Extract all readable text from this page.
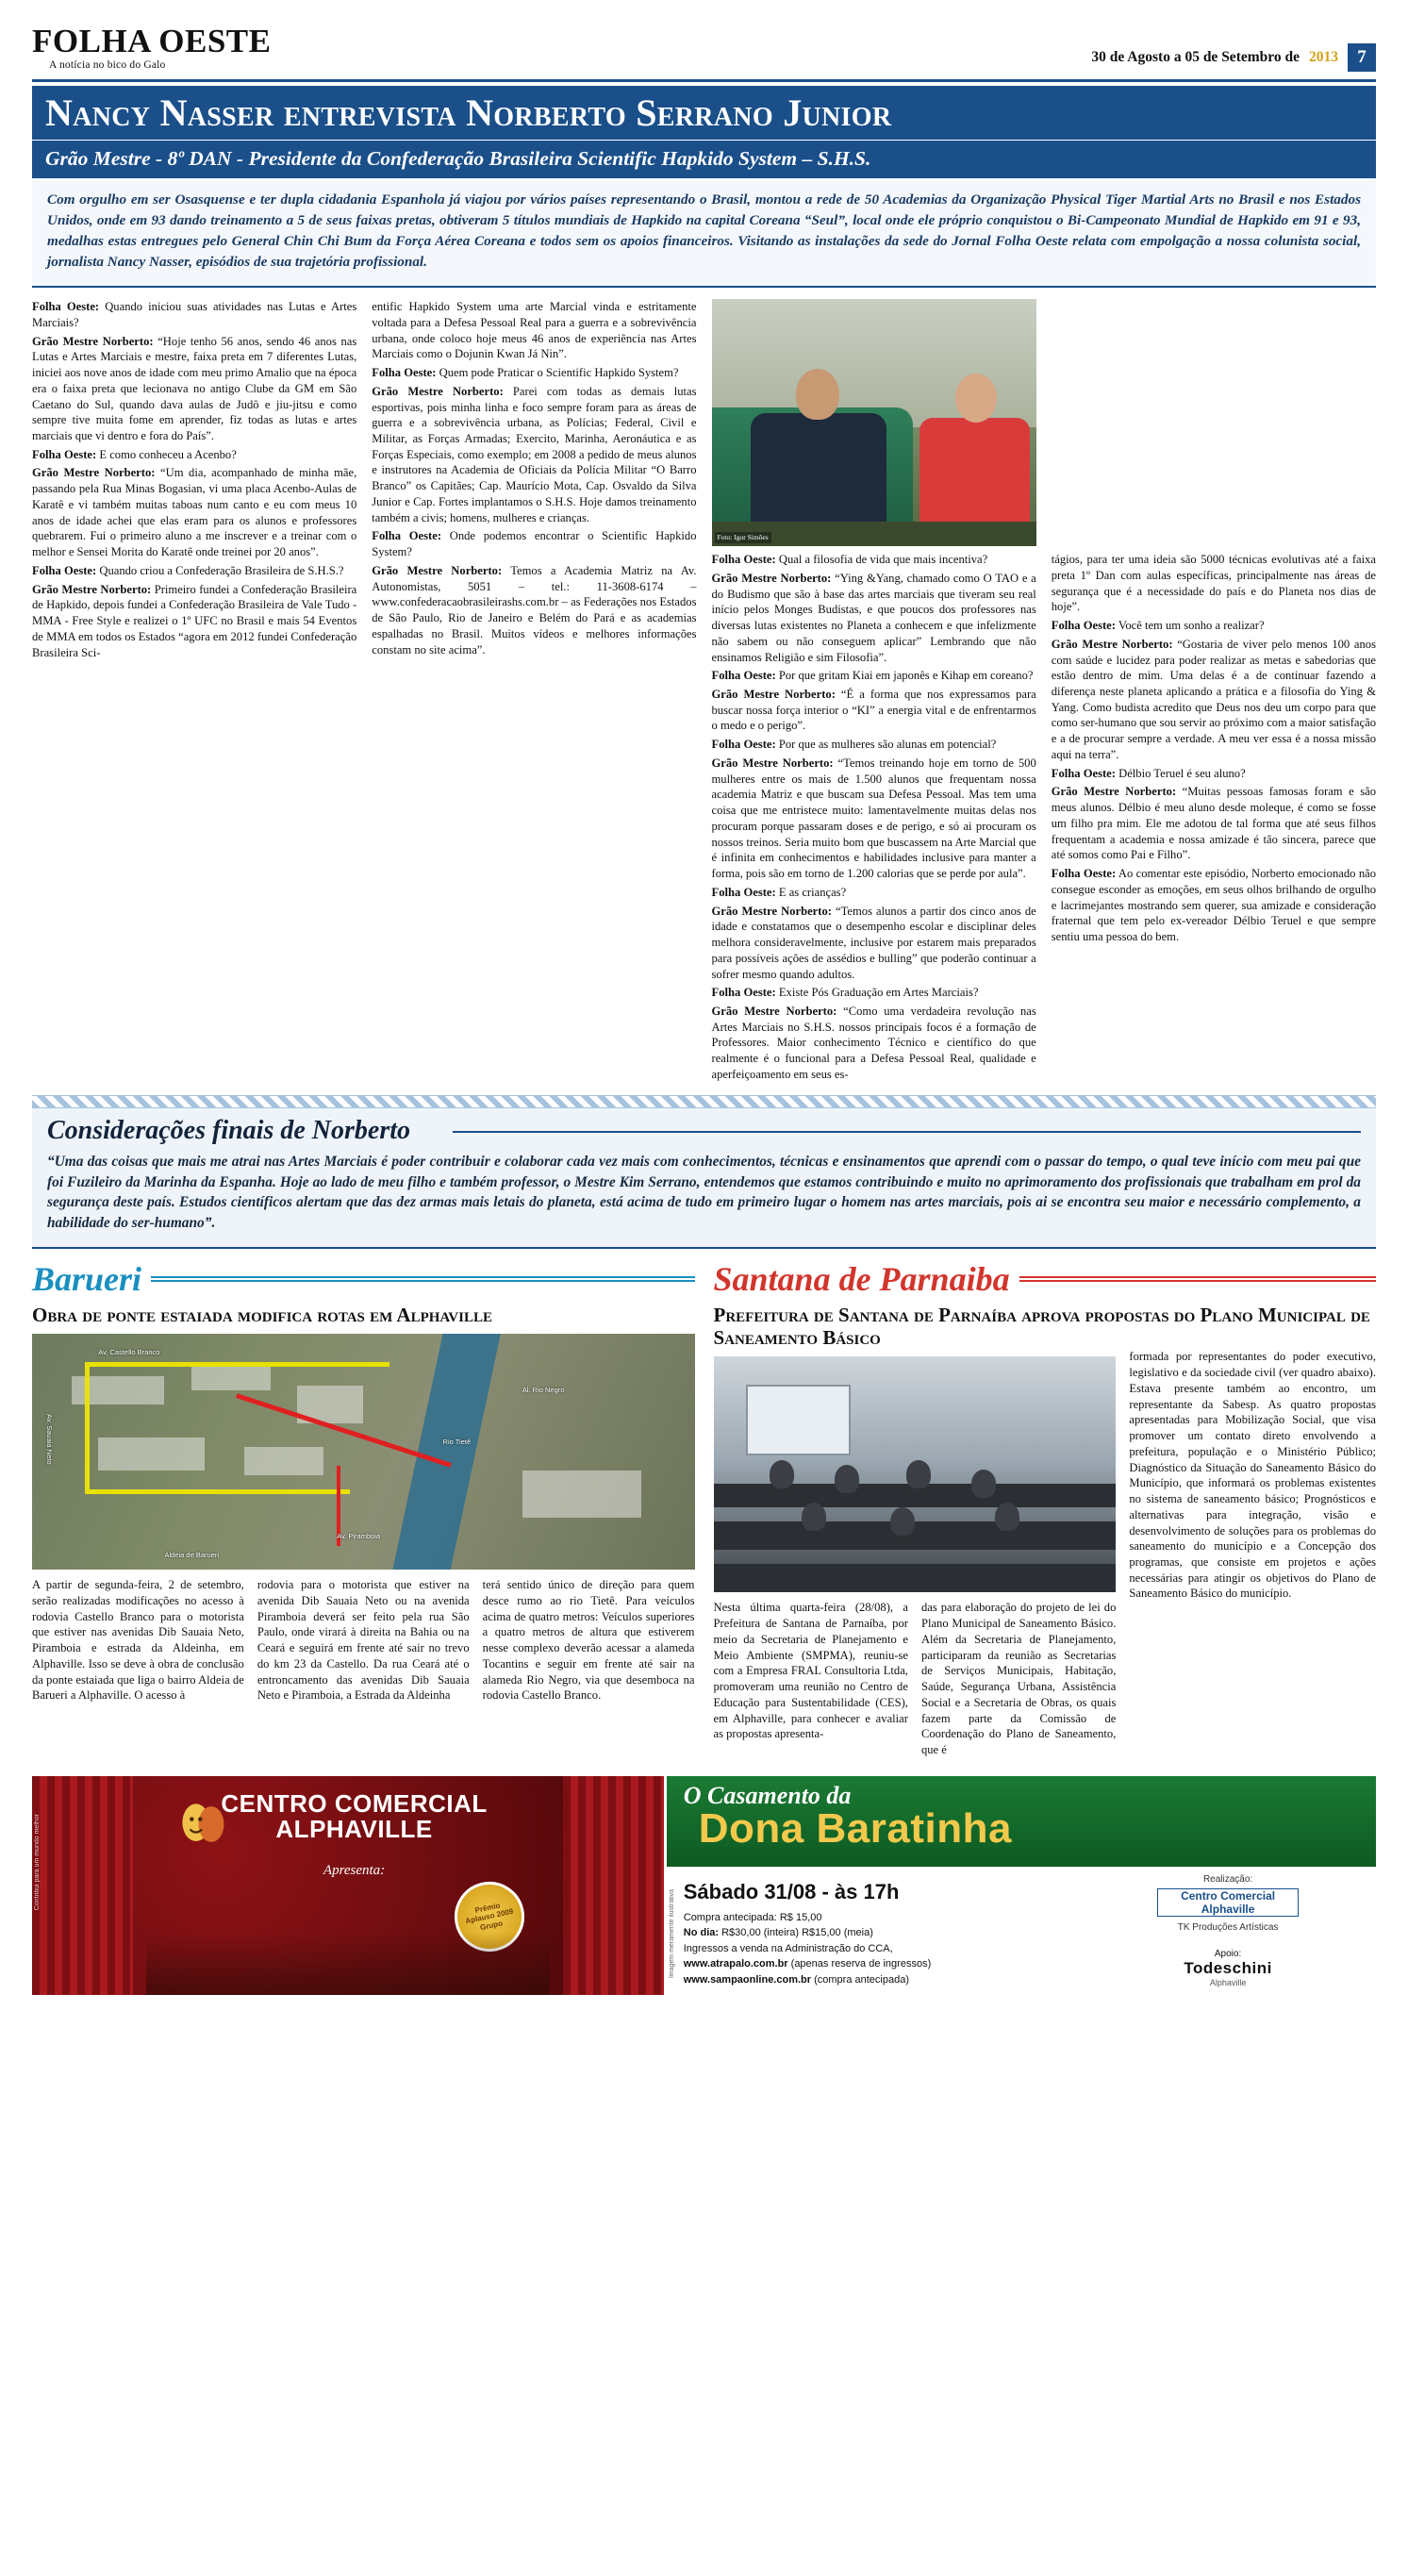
FOLHA OESTE
A notícia no bico do Galo
30 de Agosto a 05 de Setembro de 2013	7
Nancy Nasser entrevista Norberto Serrano Junior
Grão Mestre - 8º DAN - Presidente da Confederação Brasileira Scientific Hapkido System – S.H.S.
Com orgulho em ser Osasquense e ter dupla cidadania Espanhola já viajou por vários países representando o Brasil, montou a rede de 50 Academias da Organização Physical Tiger Martial Arts no Brasil e nos Estados Unidos, onde em 93 dando treinamento a 5 de seus faixas pretas, obtiveram 5 títulos mundiais de Hapkido na capital Coreana “Seul”, local onde ele próprio conquistou o Bi-Campeonato Mundial de Hapkido em 91 e 93, medalhas estas entregues pelo General Chin Chi Bum da Força Aérea Coreana e todos sem os apoios financeiros. Visitando as instalações da sede do Jornal Folha Oeste relata com empolgação a nossa colunista social, jornalista Nancy Nasser, episódios de sua trajetória profissional.

Folha Oeste: Quando iniciou suas atividades nas Lutas e Artes Marciais?

Grão Mestre Norberto: “Hoje tenho 56 anos, sendo 46 anos nas Lutas e Artes Marciais e mestre, faixa preta em 7 diferentes Lutas, iniciei aos nove anos de idade com meu primo Amalio que na época era o faixa preta que lecionava no antigo Clube da GM em São Caetano do Sul, quando dava aulas de Judô e jiu-jitsu e como sempre tive muita fome em aprender, fiz todas as lutas e artes marciais que vi dentro e fora do País”.

Folha Oeste: E como conheceu a Acenbo?

Grão Mestre Norberto: “Um dia, acompanhado de minha mãe, passando pela Rua Minas Bogasian, vi uma placa Acenbo-Aulas de Karatê e vi também muitas taboas num canto e eu com meus 10 anos de idade achei que elas eram para os alunos e professores quebrarem. Fui o primeiro aluno a me inscrever e a treinar com o melhor e Sensei Morita do Karatê onde treinei por 20 anos”.

Folha Oeste: Quando criou a Confederação Brasileira de S.H.S.?

Grão Mestre Norberto: Primeiro fundei a Confederação Brasileira de Hapkido, depois fundei a Confederação Brasileira de Vale Tudo - MMA - Free Style e realizei o 1º UFC no Brasil e mais 54 Eventos de MMA em todos os Estados “agora em 2012 fundei Confederação Brasileira Sci-

entific Hapkido System uma arte Marcial vinda e estritamente voltada para a Defesa Pessoal Real para a guerra e a sobrevivência urbana, onde coloco hoje meus 46 anos de experiência nas Artes Marciais como o Dojunin Kwan Já Nin”.

Folha Oeste: Quem pode Praticar o Scientific Hapkido System?

Grão Mestre Norberto: Parei com todas as demais lutas esportivas, pois minha linha e foco sempre foram para as áreas de guerra e a sobrevivência urbana, as Polícias; Federal, Civil e Militar, as Forças Armadas; Exercito, Marinha, Aeronáutica e as Forças Especiais, como exemplo; em 2008 a pedido de meus alunos e instrutores na Academia de Oficiais da Polícia Militar “O Barro Branco” os Capitães; Cap. Maurício Mota, Cap. Osvaldo da Silva Junior e Cap. Fortes implantamos o S.H.S. Hoje damos treinamento também a civis; homens, mulheres e crianças.

Folha Oeste: Onde podemos encontrar o Scientific Hapkido System?

Grão Mestre Norberto: Temos a Academia Matriz na Av. Autonomistas, 5051 – tel.: 11-3608-6174 – www.confederacaobrasileirashs.com.br – as Federações nos Estados de São Paulo, Rio de Janeiro e Belém do Pará e as academias espalhadas no Brasil. Muitos vídeos e melhores informações constam no site acima”.

Foto: Igor Simões

Folha Oeste: Qual a filosofia de vida que mais incentiva?

Grão Mestre Norberto: “Ying &Yang, chamado como O TAO e a do Budismo que são à base das artes marciais que tiveram seu real início pelos Monges Budistas, e que poucos dos professores nas diversas lutas existentes no Planeta a conhecem e que infelizmente não sabem ou não conseguem aplicar” Lembrando que não ensinamos Religião e sim Filosofia”.

Folha Oeste: Por que gritam Kiai em japonês e Kihap em coreano?

Grão Mestre Norberto: “É a forma que nos expressamos para buscar nossa força interior o “KI” a energia vital e de enfrentarmos o medo e o perigo”.

Folha Oeste: Por que as mulheres são alunas em potencial?

Grão Mestre Norberto: “Temos treinando hoje em torno de 500 mulheres entre os mais de 1.500 alunos que frequentam nossa academia Matriz e que buscam sua Defesa Pessoal. Mas tem uma coisa que me entristece muito: lamentavelmente muitas delas nos procuram porque passaram doses e de perigo, e só ai procuram os nossos treinos. Seria muito bom que buscassem na Arte Marcial que é infinita em conhecimentos e habilidades inclusive para manter a forma, pois são em torno de 1.200 calorias que se perde por aula”.

Folha Oeste: E as crianças?

Grão Mestre Norberto: “Temos alunos a partir dos cinco anos de idade e constatamos que o desempenho escolar e disciplinar deles melhora consideravelmente, inclusive por estarem mais preparados para possíveis ações de assédios e bulling” que poderão continuar a sofrer mesmo quando adultos.

Folha Oeste: Existe Pós Graduação em Artes Marciais?

Grão Mestre Norberto: “Como uma verdadeira revolução nas Artes Marciais no S.H.S. nossos principais focos é a formação de Professores. Maior conhecimento Técnico e científico do que realmente é o funcional para a Defesa Pessoal Real, qualidade e aperfeiçoamento em seus es-

tágios, para ter uma ideia são 5000 técnicas evolutivas até a faixa preta 1º Dan com aulas específicas, principalmente nas áreas de segurança que é a necessidade do país e do Planeta nos dias de hoje”.

Folha Oeste: Você tem um sonho a realizar?

Grão Mestre Norberto: “Gostaria de viver pelo menos 100 anos com saúde e lucidez para poder realizar as metas e sabedorias que estão dentro de mim. Uma delas é a de continuar fazendo a diferença neste planeta aplicando a prática e a filosofia do Ying & Yang. Como budista acredito que Deus nos deu um corpo para que como ser-humano que sou servir ao próximo com a maior satisfação e a de procurar sempre a verdade. A meu ver essa é a nossa missão aqui na terra”.

Folha Oeste: Délbio Teruel é seu aluno?

Grão Mestre Norberto: “Muitas pessoas famosas foram e são meus alunos. Délbio é meu aluno desde moleque, é como se fosse um filho pra mim. Ele me adotou de tal forma que até seus filhos frequentam a academia e nossa amizade é tão sincera, parece que até somos como Pai e Filho”.

Folha Oeste: Ao comentar este episódio, Norberto emocionado não consegue esconder as emoções, em seus olhos brilhando de orgulho e lacrimejantes mostrando sem querer, sua amizade e consideração fraternal que tem pelo ex-vereador Délbio Teruel e que sempre sentiu uma pessoa do bem.

Considerações finais de Norberto
“Uma das coisas que mais me atrai nas Artes Marciais é poder contribuir e colaborar cada vez mais com conhecimentos, técnicas e ensinamentos que aprendi com o passar do tempo, o qual teve início com meu pai que foi Fuzileiro da Marinha da Espanha. Hoje ao lado de meu filho e também professor, o Mestre Kim Serrano, entendemos que estamos contribuindo e muito no aprimoramento dos profissionais que trabalham em prol da segurança deste país. Estudos científicos alertam que das dez armas mais letais do planeta, está acima de tudo em primeiro lugar o homem nas artes marciais, pois ai se encontra seu maior e necessário complemento, a habilidade do ser-humano”.
Barueri
Obra de ponte estaiada modifica rotas em Alphaville
Av. Castello Branco
Av. Sauaia Neto	Rio Tietê
Av. Piramboia
Al. Rio Negro
Aldeia de Barueri

A partir de segunda-feira, 2 de setembro, serão realizadas modificações no acesso à rodovia Castello Branco para o motorista que estiver nas avenidas Dib Sauaia Neto, Piramboia e estrada da Aldeinha, em Alphaville. Isso se deve à obra de conclusão da ponte estaiada que liga o bairro Aldeia de Barueri a Alphaville. O acesso à

rodovia para o motorista que estiver na avenida Dib Sauaia Neto ou na avenida Piramboia deverá ser feito pela rua São Paulo, onde virará à direita na Bahia ou na Ceará e seguirá em frente até sair no trevo do km 23 da Castello. Da rua Ceará até o entroncamento das avenidas Dib Sauaia Neto e Piramboia, a Estrada da Aldeinha

terá sentido único de direção para quem desce rumo ao rio Tietê. Para veículos acima de quatro metros: Veículos superiores a quatro metros de altura que estiverem nesse complexo deverão acessar a alameda Tocantins e seguir em frente até sair na alameda Rio Negro, via que desemboca na rodovia Castello Branco.

Santana de Parnaiba
Prefeitura de Santana de Parnaíba aprova propostas do Plano Municipal de Saneamento Básico

Nesta última quarta-feira (28/08), a Prefeitura de Santana de Parnaíba, por meio da Secretaria de Planejamento e Meio Ambiente (SMPMA), reuniu-se com a Empresa FRAL Consultoria Ltda, promoveram uma reunião no Centro de Educação para Sustentabilidade (CES), em Alphaville, para conhecer e avaliar as propostas apresenta-

das para elaboração do projeto de lei do Plano Municipal de Saneamento Básico. Além da Secretaria de Planejamento, participaram da reunião as Secretarias de Serviços Municipais, Habitação, Saúde, Segurança Urbana, Assistência Social e a Secretaria de Obras, os quais fazem parte da Comissão de Coordenação do Plano de Saneamento, que é

formada por representantes do poder executivo, legislativo e da sociedade civil (ver quadro abaixo). Estava presente também ao encontro, um representante da Sabesp. As quatro propostas apresentadas para Mobilização Social, que visa promover um contato direto envolvendo a prefeitura, população e o Ministério Público; Diagnóstico da Situação do Saneamento Básico do Município, que informará os problemas existentes no sistema de saneamento básico; Prognósticos e alternativas para integração, visão e desenvolvimento de soluções para os problemas do saneamento do município e a Concepção dos programas, que consiste em projetos e ações necessárias para atingir os objetivos do Plano de Saneamento Básico do município.

CENTRO COMERCIAL
ALPHAVILLE
Apresenta:
Prêmio Aplauso 2009 Grupo
Contribui para um mundo melhor
O Casamento da
Dona Baratinha
Sábado 31/08 - às 17h
Compra antecipada: R$ 15,00
No dia: R$30,00 (inteira) R$15,00 (meia)
Ingressos a venda na Administração do CCA,
www.atrapalo.com.br (apenas reserva de ingressos)
www.sampaonline.com.br (compra antecipada)
Realização:
Centro Comercial Alphaville
TK Produções Artísticas
Apoio:
Todeschini
Alphaville
Imagem meramente ilustrativa
